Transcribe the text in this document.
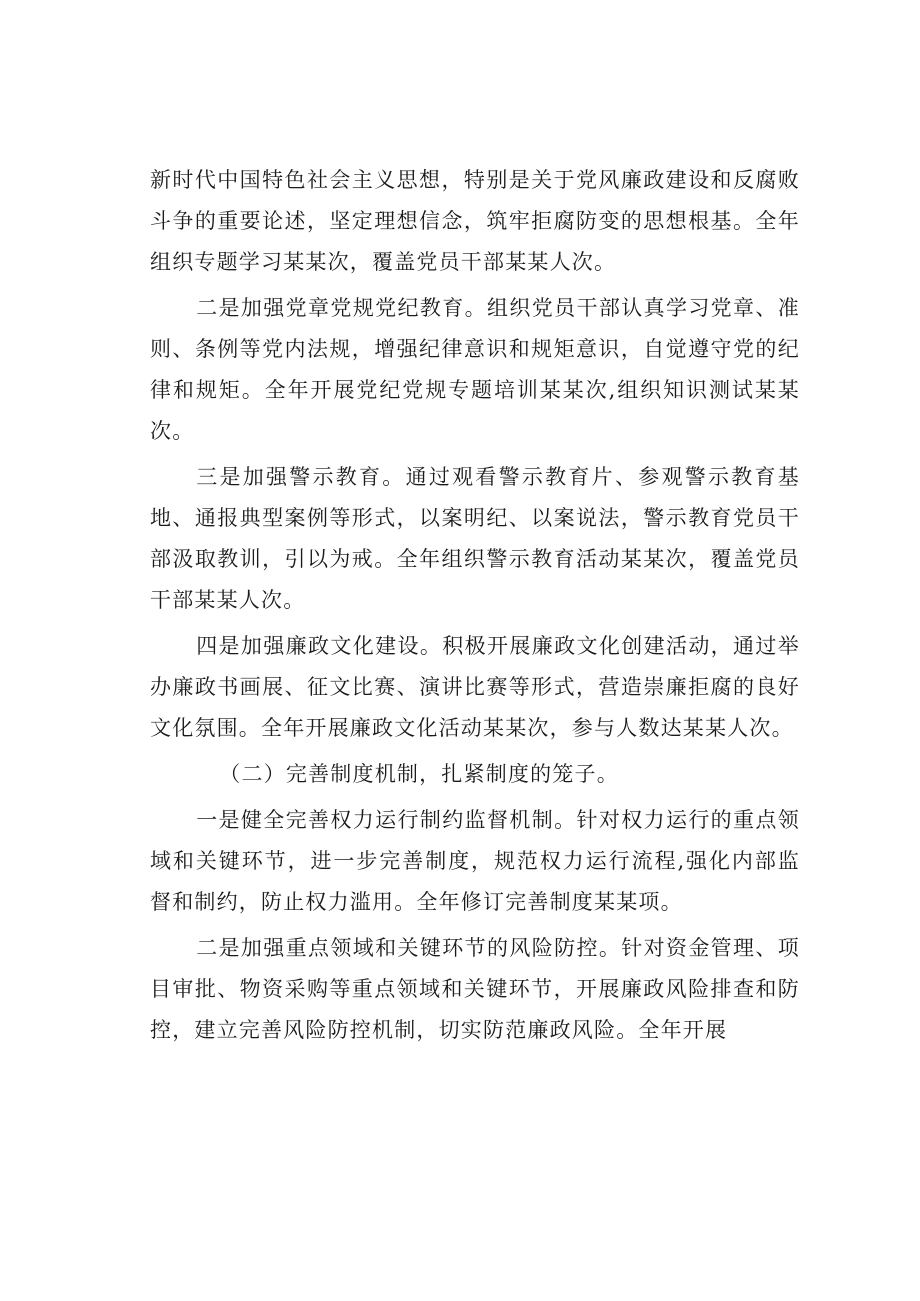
新时代中国特色社会主义思想，特别是关于党风廉政建设和反腐败斗争的重要论述，坚定理想信念，筑牢拒腐防变的思想根基。全年组织专题学习某某次，覆盖党员干部某某人次。

二是加强党章党规党纪教育。组织党员干部认真学习党章、准则、条例等党内法规，增强纪律意识和规矩意识，自觉遵守党的纪律和规矩。全年开展党纪党规专题培训某某次,组织知识测试某某次。

三是加强警示教育。通过观看警示教育片、参观警示教育基地、通报典型案例等形式，以案明纪、以案说法，警示教育党员干部汲取教训，引以为戒。全年组织警示教育活动某某次，覆盖党员干部某某人次。

四是加强廉政文化建设。积极开展廉政文化创建活动，通过举办廉政书画展、征文比赛、演讲比赛等形式，营造崇廉拒腐的良好文化氛围。全年开展廉政文化活动某某次，参与人数达某某人次。

（二）完善制度机制，扎紧制度的笼子。

一是健全完善权力运行制约监督机制。针对权力运行的重点领域和关键环节，进一步完善制度，规范权力运行流程,强化内部监督和制约，防止权力滥用。全年修订完善制度某某项。

二是加强重点领域和关键环节的风险防控。针对资金管理、项目审批、物资采购等重点领域和关键环节，开展廉政风险排查和防控，建立完善风险防控机制，切实防范廉政风险。全年开展
